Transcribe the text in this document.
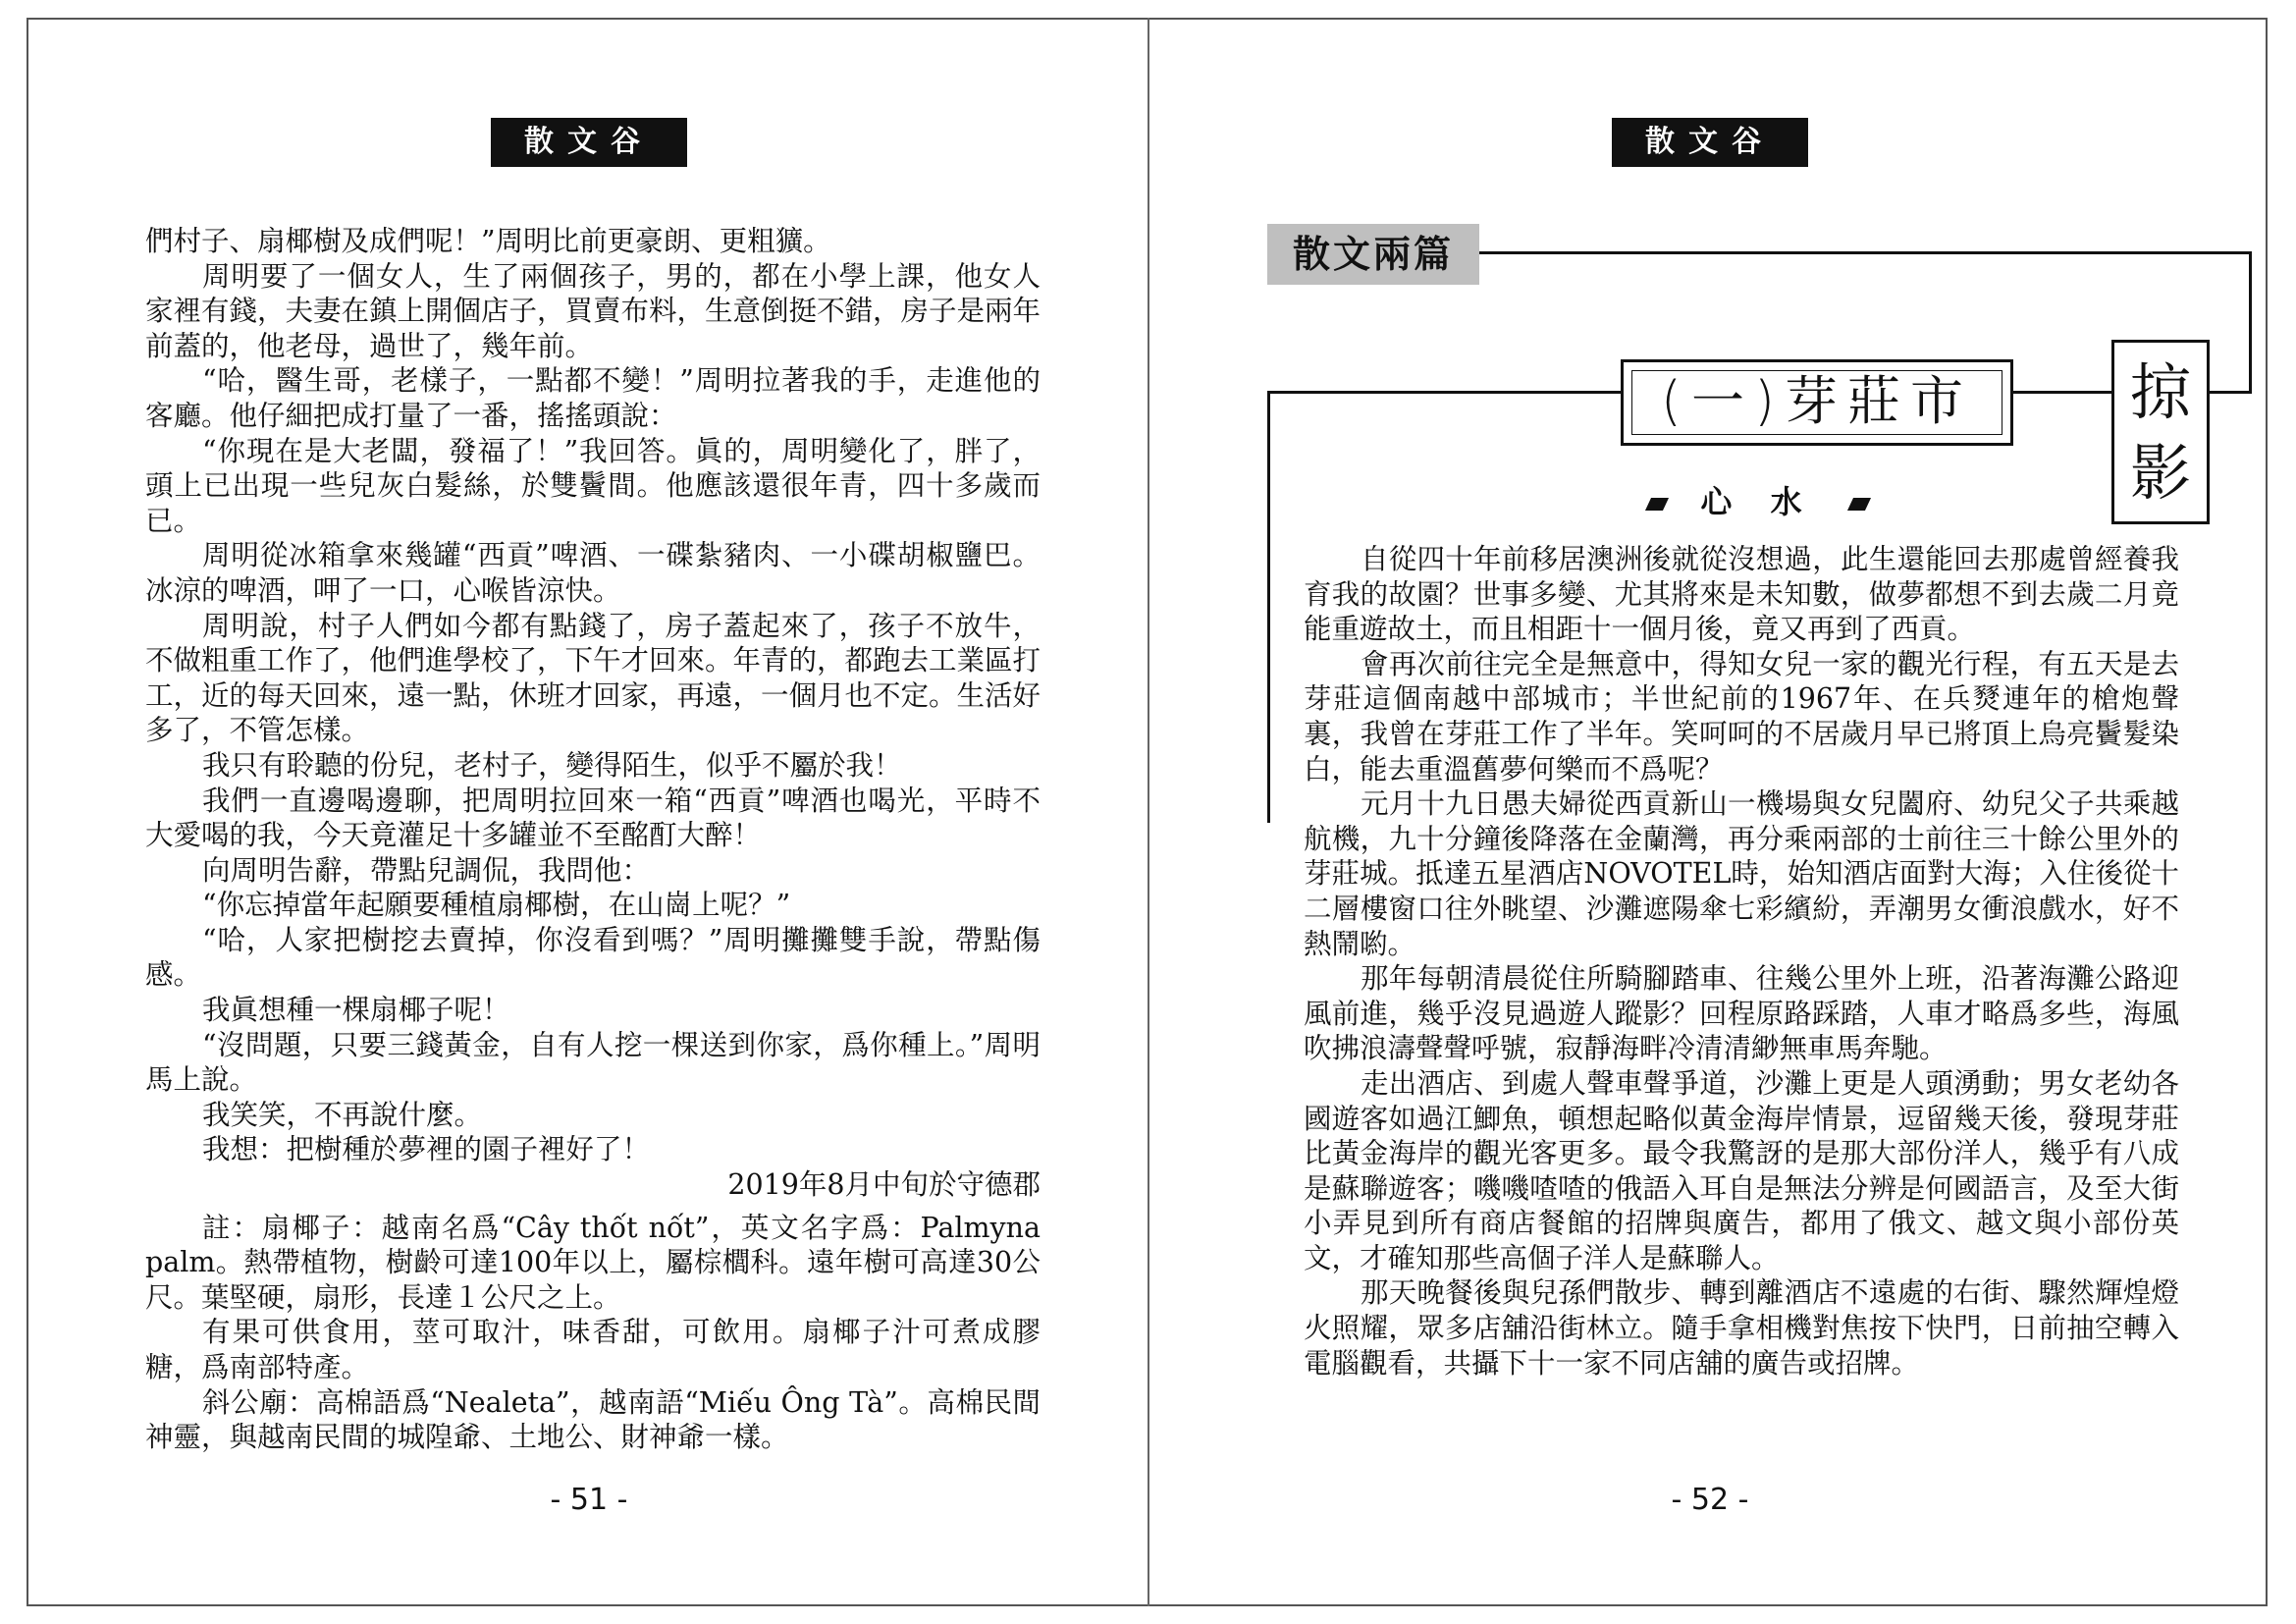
散文谷

們村子、扇椰樹及成們呢！”周明比前更豪朗、更粗獷。

周明要了一個女人，生了兩個孩子，男的，都在小學上課，他女人家裡有錢，夫妻在鎮上開個店子，買賣布料，生意倒挺不錯，房子是兩年前蓋的，他老母，過世了，幾年前。

“哈，醫生哥，老樣子，一點都不變！”周明拉著我的手，走進他的客廳。他仔細把成打量了一番，搖搖頭說：

“你現在是大老闆，發福了！”我回答。眞的，周明變化了，胖了，頭上已出現一些兒灰白髮絲，於雙鬢間。他應該還很年青，四十多歲而已。

周明從冰箱拿來幾罐“西貢”啤酒、一碟紮豬肉、一小碟胡椒鹽巴。冰涼的啤酒，呷了一口，心喉皆涼快。

周明說，村子人們如今都有點錢了，房子蓋起來了，孩子不放牛，不做粗重工作了，他們進學校了，下午才回來。年青的，都跑去工業區打工，近的每天回來，遠一點，休班才回家，再遠，一個月也不定。生活好多了，不管怎樣。

我只有聆聽的份兒，老村子，變得陌生，似乎不屬於我！

我們一直邊喝邊聊，把周明拉回來一箱“西貢”啤酒也喝光，平時不大愛喝的我，今天竟灌足十多罐並不至酩酊大醉！

向周明告辭，帶點兒調侃，我問他：

“你忘掉當年起願要種植扇椰樹，在山崗上呢？”

“哈，人家把樹挖去賣掉，你沒看到嗎？”周明攤攤雙手說，帶點傷感。

我眞想種一棵扇椰子呢！

“沒問題，只要三錢黃金，自有人挖一棵送到你家，爲你種上。”周明馬上說。

我笑笑，不再說什麼。

我想：把樹種於夢裡的園子裡好了！

2019年8月中旬於守德郡

註：扇椰子：越南名爲“Cây thốt nốt”，英文名字爲：Palmyna palm。熱帶植物，樹齡可達100年以上，屬棕櫚科。遠年樹可高達30公尺。葉堅硬，扇形，長達１公尺之上。

有果可供食用，莖可取汁，味香甜，可飲用。扇椰子汁可煮成膠糖，爲南部特產。

斜公廟：高棉語爲“Nealeta”，越南語“Miếu Ông Tà”。高棉民間神靈，與越南民間的城隍爺、土地公、財神爺一樣。

- 51 -
散文谷
(一)芽莊市	掠
影
心 水
散文兩篇

自從四十年前移居澳洲後就從沒想過，此生還能回去那處曾經養我育我的故園？世事多變、尤其將來是未知數，做夢都想不到去歲二月竟能重遊故土，而且相距十一個月後，竟又再到了西貢。

會再次前往完全是無意中，得知女兒一家的觀光行程，有五天是去芽莊這個南越中部城市；半世紀前的1967年、在兵燹連年的槍炮聲裏，我曾在芽莊工作了半年。笑呵呵的不居歲月早已將頂上烏亮鬢髮染白，能去重溫舊夢何樂而不爲呢？

元月十九日愚夫婦從西貢新山一機場與女兒闔府、幼兒父子共乘越航機，九十分鐘後降落在金蘭灣，再分乘兩部的士前往三十餘公里外的芽莊城。抵達五星酒店NOVOTEL時，始知酒店面對大海；入住後從十二層樓窗口往外眺望、沙灘遮陽傘七彩繽紛，弄潮男女衝浪戲水，好不熱鬧喲。

那年每朝清晨從住所騎腳踏車、往幾公里外上班，沿著海灘公路迎風前進，幾乎沒見過遊人蹤影？回程原路踩踏，人車才略爲多些，海風吹拂浪濤聲聲呼號，寂靜海畔冷清清緲無車馬奔馳。

走出酒店、到處人聲車聲爭道，沙灘上更是人頭湧動；男女老幼各國遊客如過江鯽魚，頓想起略似黃金海岸情景，逗留幾天後，發現芽莊比黃金海岸的觀光客更多。最令我驚訝的是那大部份洋人，幾乎有八成是蘇聯遊客；嘰嘰喳喳的俄語入耳自是無法分辨是何國語言，及至大街小弄見到所有商店餐館的招牌與廣告，都用了俄文、越文與小部份英文，才確知那些高個子洋人是蘇聯人。

那天晚餐後與兒孫們散步、轉到離酒店不遠處的右街、驟然輝煌燈火照耀，眾多店舖沿街林立。隨手拿相機對焦按下快門，日前抽空轉入電腦觀看，共攝下十一家不同店舖的廣告或招牌。

- 52 -
